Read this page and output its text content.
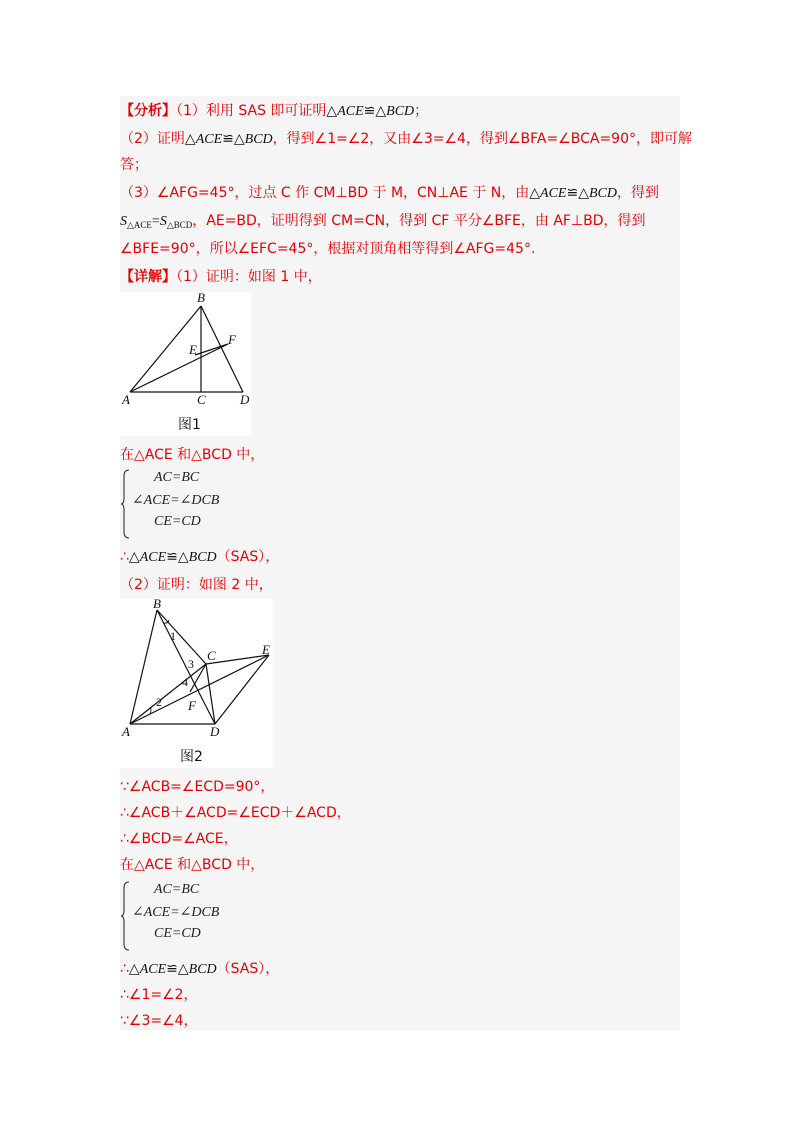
【分析】（1）利用 SAS 即可证明△ACE≌△BCD；
（2）证明△ACE≌△BCD，得到∠1=∠2，又由∠3=∠4，得到∠BFA=∠BCA=90°，即可解
答；
（3）∠AFG=45°，过点 C 作 CM⊥BD 于 M，CN⊥AE 于 N，由△ACE≌△BCD，得到
$S_{\triangle ACE}=S_{\triangle BCD}$，AE=BD，证明得到 CM=CN，得到 CF 平分∠BFE，由 AF⊥BD，得到
∠BFE=90°，所以∠EFC=45°，根据对顶角相等得到∠AFG=45°.
【详解】（1）证明：如图 1 中，
B
F
E
A	C	D
图1
在△ACE 和△BCD 中，
AC=BC
∠ACE=∠DCB
CE=CD
∴△ACE≌△BCD（SAS），
（2）证明：如图 2 中，
B
C	E
F
A	D
1
2
3
4
图2
∵∠ACB=∠ECD=90°，
∴∠ACB＋∠ACD=∠ECD＋∠ACD，
∴∠BCD=∠ACE，
在△ACE 和△BCD 中，
AC=BC
∠ACE=∠DCB
CE=CD
∴△ACE≌△BCD（SAS），
∴∠1=∠2，
∵∠3=∠4，
